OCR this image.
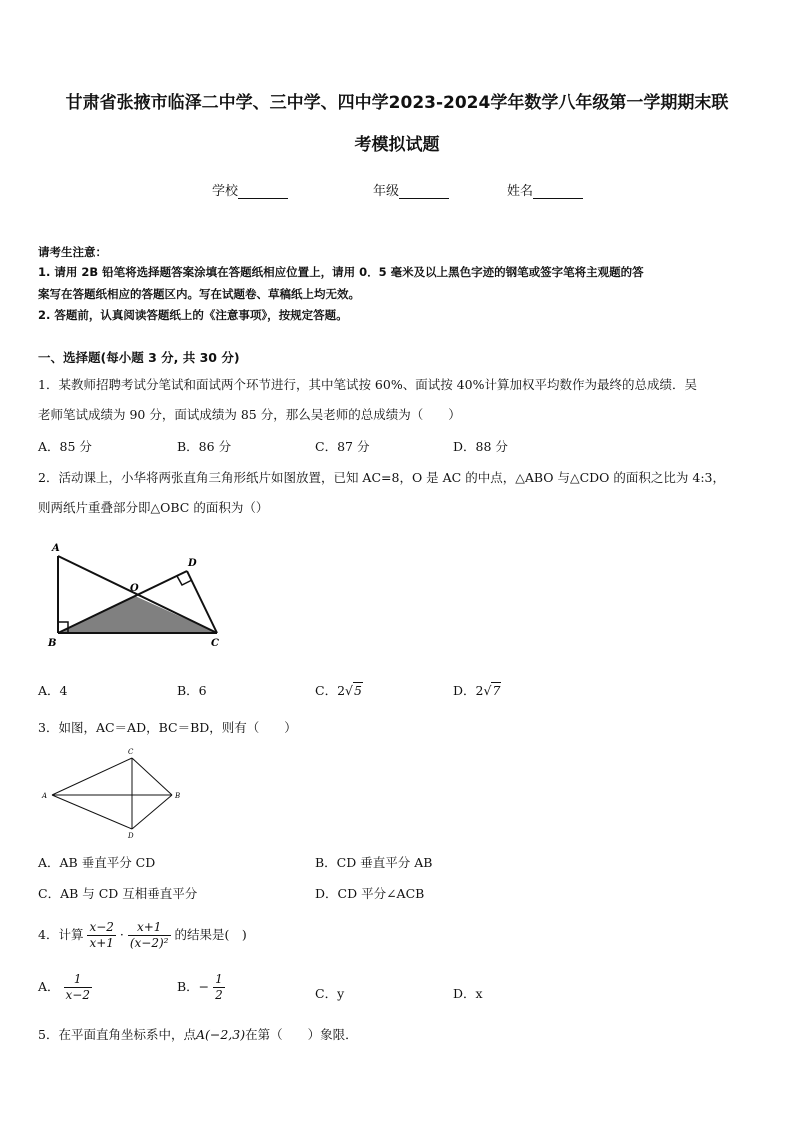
甘肃省张掖市临泽二中学、三中学、四中学2023-2024学年数学八年级第一学期期末联
考模拟试题
学校	年级	姓名
请考生注意：
1. 请用 2B 铅笔将选择题答案涂填在答题纸相应位置上，请用 0．5 毫米及以上黑色字迹的钢笔或签字笔将主观题的答
案写在答题纸相应的答题区内。写在试题卷、草稿纸上均无效。
2. 答题前，认真阅读答题纸上的《注意事项》，按规定答题。
一、选择题(每小题 3 分, 共 30 分)
1．某教师招聘考试分笔试和面试两个环节进行，其中笔试按 60%、面试按 40%计算加权平均数作为最终的总成绩．吴
老师笔试成绩为 90 分，面试成绩为 85 分，那么吴老师的总成绩为（　　）
A．85 分	B．86 分	C．87 分	D．88 分
2．活动课上，小华将两张直角三角形纸片如图放置，已知 AC=8，O 是 AC 的中点，△ABO 与△CDO 的面积之比为 4:3，
则两纸片重叠部分即△OBC 的面积为（）
A
B	C
D
O
A．4	B．6	C．2√5	D．2√7
3．如图，AC＝AD，BC＝BD，则有（　　）
C
A	B
D
A．AB 垂直平分 CD	B．CD 垂直平分 AB
C．AB 与 CD 互相垂直平分	D．CD 平分∠ACB
4．计算 $\frac{x-2}{x+1} \cdot \frac{x+1}{\text{(x−2)²}}$ 的结果是(　)
A． $\frac{1}{x-2}$	B．− $\frac{1}{2}$	C．y	D．x
5．在平面直角坐标系中，点A(−2,3)在第（　　）象限．
